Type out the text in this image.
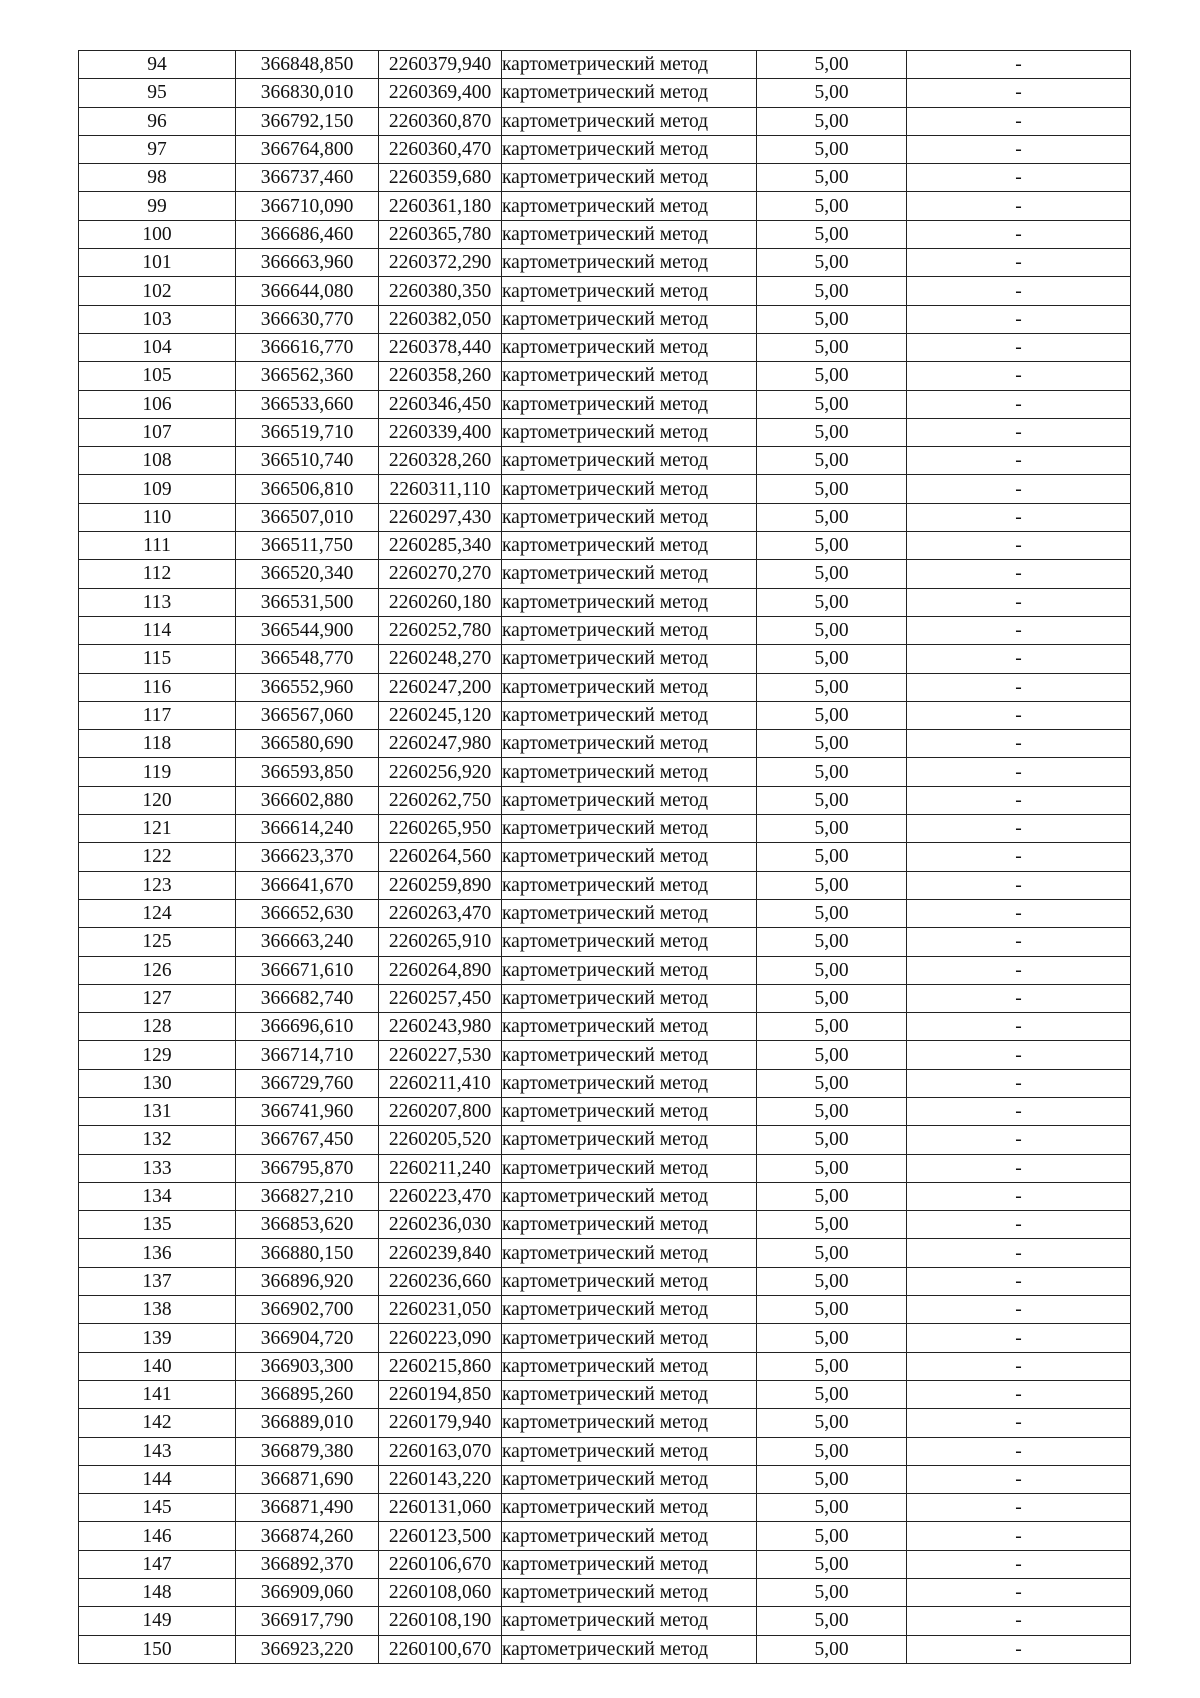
94	366848,850	2260379,940	картометрический метод	5,00	-
95	366830,010	2260369,400	картометрический метод	5,00	-
96	366792,150	2260360,870	картометрический метод	5,00	-
97	366764,800	2260360,470	картометрический метод	5,00	-
98	366737,460	2260359,680	картометрический метод	5,00	-
99	366710,090	2260361,180	картометрический метод	5,00	-
100	366686,460	2260365,780	картометрический метод	5,00	-
101	366663,960	2260372,290	картометрический метод	5,00	-
102	366644,080	2260380,350	картометрический метод	5,00	-
103	366630,770	2260382,050	картометрический метод	5,00	-
104	366616,770	2260378,440	картометрический метод	5,00	-
105	366562,360	2260358,260	картометрический метод	5,00	-
106	366533,660	2260346,450	картометрический метод	5,00	-
107	366519,710	2260339,400	картометрический метод	5,00	-
108	366510,740	2260328,260	картометрический метод	5,00	-
109	366506,810	2260311,110	картометрический метод	5,00	-
110	366507,010	2260297,430	картометрический метод	5,00	-
111	366511,750	2260285,340	картометрический метод	5,00	-
112	366520,340	2260270,270	картометрический метод	5,00	-
113	366531,500	2260260,180	картометрический метод	5,00	-
114	366544,900	2260252,780	картометрический метод	5,00	-
115	366548,770	2260248,270	картометрический метод	5,00	-
116	366552,960	2260247,200	картометрический метод	5,00	-
117	366567,060	2260245,120	картометрический метод	5,00	-
118	366580,690	2260247,980	картометрический метод	5,00	-
119	366593,850	2260256,920	картометрический метод	5,00	-
120	366602,880	2260262,750	картометрический метод	5,00	-
121	366614,240	2260265,950	картометрический метод	5,00	-
122	366623,370	2260264,560	картометрический метод	5,00	-
123	366641,670	2260259,890	картометрический метод	5,00	-
124	366652,630	2260263,470	картометрический метод	5,00	-
125	366663,240	2260265,910	картометрический метод	5,00	-
126	366671,610	2260264,890	картометрический метод	5,00	-
127	366682,740	2260257,450	картометрический метод	5,00	-
128	366696,610	2260243,980	картометрический метод	5,00	-
129	366714,710	2260227,530	картометрический метод	5,00	-
130	366729,760	2260211,410	картометрический метод	5,00	-
131	366741,960	2260207,800	картометрический метод	5,00	-
132	366767,450	2260205,520	картометрический метод	5,00	-
133	366795,870	2260211,240	картометрический метод	5,00	-
134	366827,210	2260223,470	картометрический метод	5,00	-
135	366853,620	2260236,030	картометрический метод	5,00	-
136	366880,150	2260239,840	картометрический метод	5,00	-
137	366896,920	2260236,660	картометрический метод	5,00	-
138	366902,700	2260231,050	картометрический метод	5,00	-
139	366904,720	2260223,090	картометрический метод	5,00	-
140	366903,300	2260215,860	картометрический метод	5,00	-
141	366895,260	2260194,850	картометрический метод	5,00	-
142	366889,010	2260179,940	картометрический метод	5,00	-
143	366879,380	2260163,070	картометрический метод	5,00	-
144	366871,690	2260143,220	картометрический метод	5,00	-
145	366871,490	2260131,060	картометрический метод	5,00	-
146	366874,260	2260123,500	картометрический метод	5,00	-
147	366892,370	2260106,670	картометрический метод	5,00	-
148	366909,060	2260108,060	картометрический метод	5,00	-
149	366917,790	2260108,190	картометрический метод	5,00	-
150	366923,220	2260100,670	картометрический метод	5,00	-
